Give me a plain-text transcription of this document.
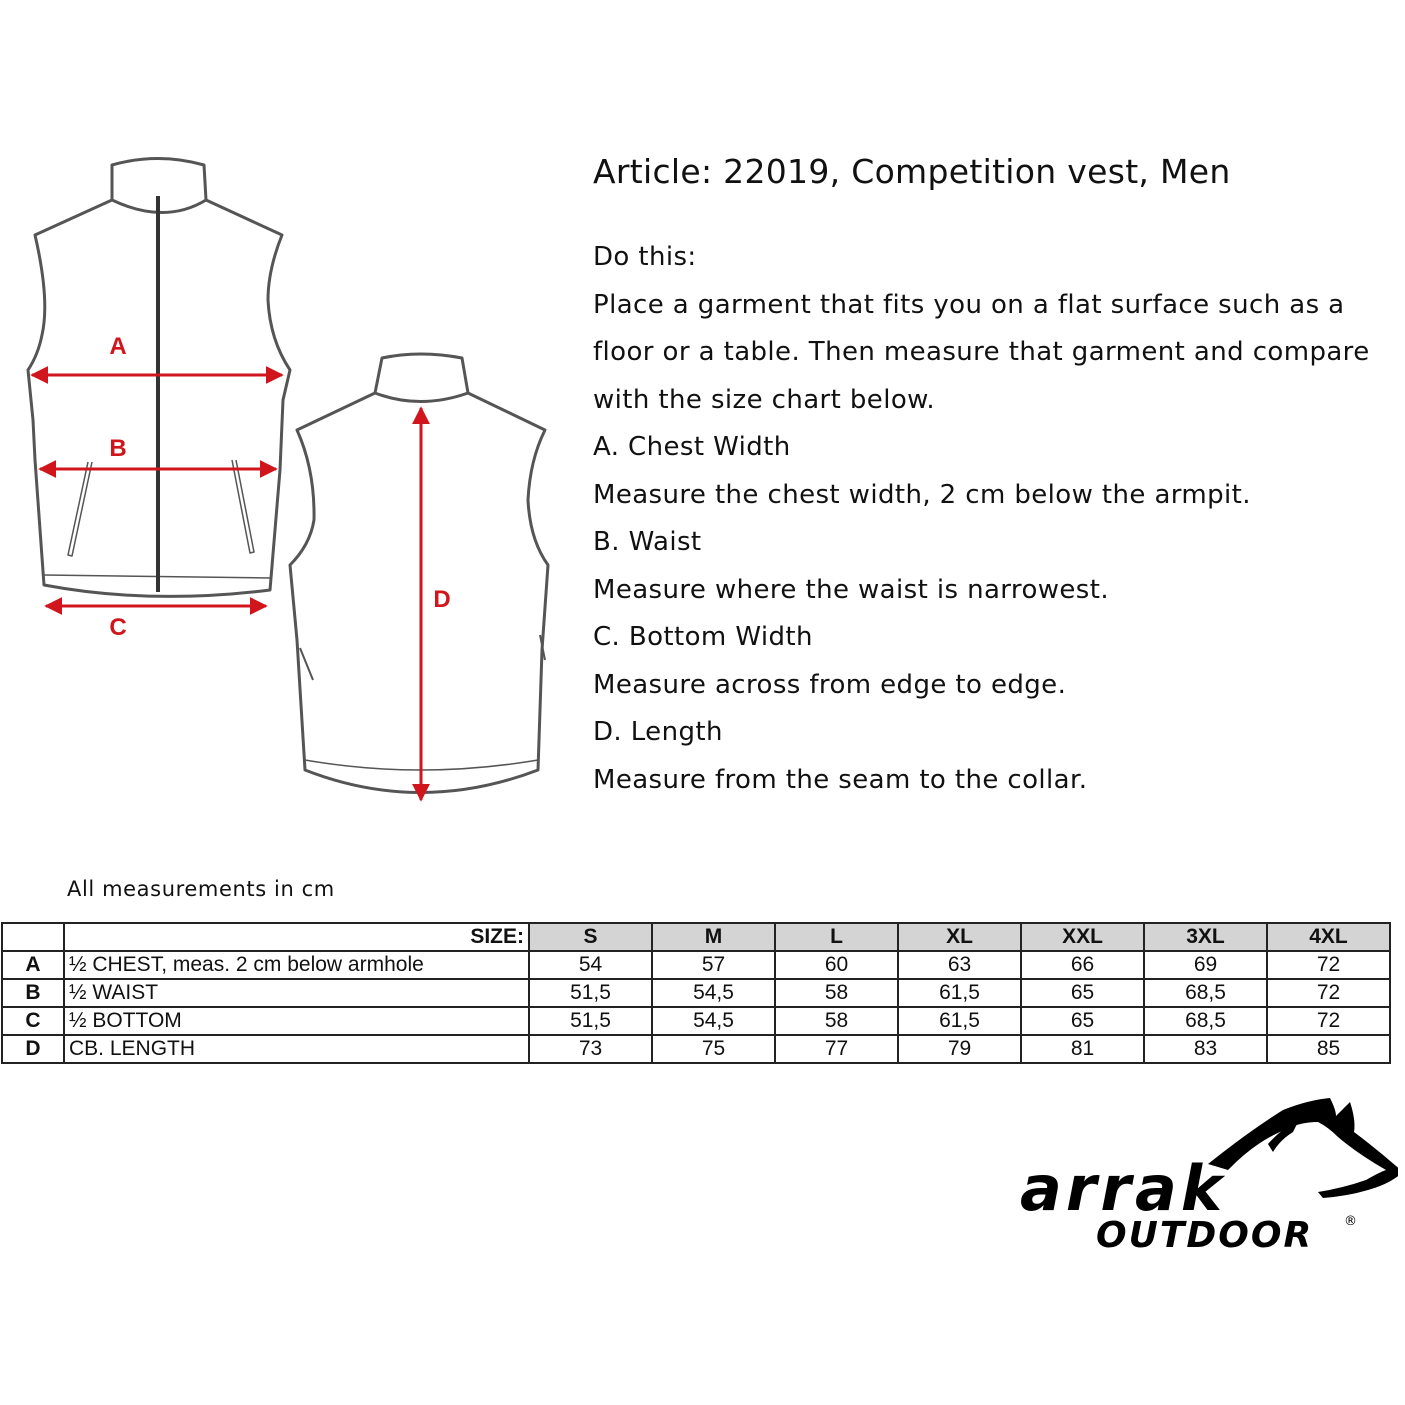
A
B
C
D
Article: 22019, Competition vest, Men

Do this:

Place a garment that fits you on a flat surface such as a

floor or a table. Then measure that garment and compare

with the size chart below.

A. Chest Width

Measure the chest width, 2 cm below the armpit.

B. Waist

Measure where the waist is narrowest.

C. Bottom Width

Measure across from edge to edge.

D. Length

Measure from the seam to the collar.

All measurements in cm
	SIZE:	S	M	L	XL	XXL	3XL	4XL
A	½ CHEST, meas. 2 cm below armhole	54	57	60	63	66	69	72
B	½ WAIST	51,5	54,5	58	61,5	65	68,5	72
C	½ BOTTOM	51,5	54,5	58	61,5	65	68,5	72
D	CB. LENGTH	73	75	77	79	81	83	85
arrak
OUTDOOR ®
